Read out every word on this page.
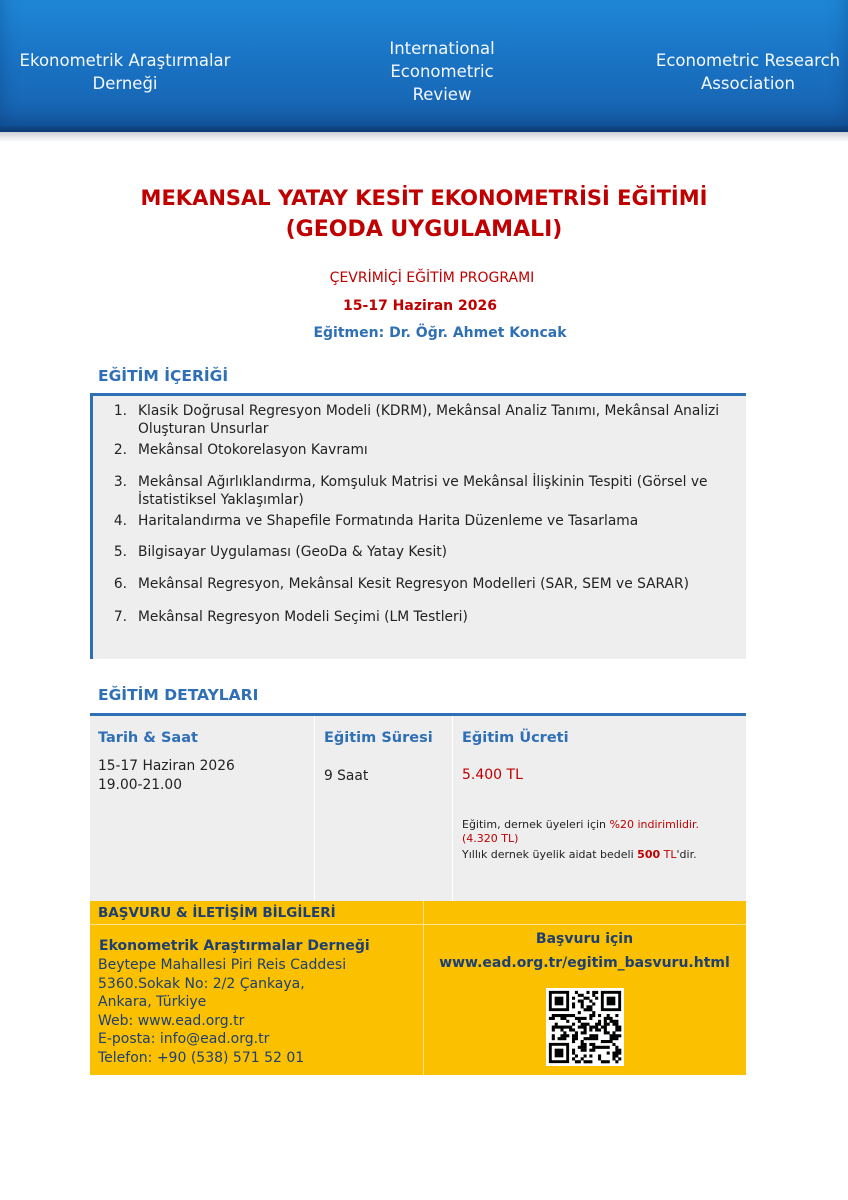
Ekonometrik Araştırmalar
Derneği
International
Econometric
Review
Econometric Research
Association
MEKANSAL YATAY KESİT EKONOMETRİSİ EĞİTİMİ
(GEODA UYGULAMALI)
ÇEVRİMİÇİ EĞİTİM PROGRAMI
15-17 Haziran 2026
Eğitmen: Dr. Öğr. Ahmet Koncak
EĞİTİM İÇERİĞİ
1. Klasik Doğrusal Regresyon Modeli (KDRM), Mekânsal Analiz Tanımı, Mekânsal Analizi Oluşturan Unsurlar
2. Mekânsal Otokorelasyon Kavramı
3. Mekânsal Ağırlıklandırma, Komşuluk Matrisi ve Mekânsal İlişkinin Tespiti (Görsel ve İstatistiksel Yaklaşımlar)
4. Haritalandırma ve Shapefile Formatında Harita Düzenleme ve Tasarlama
5. Bilgisayar Uygulaması (GeoDa & Yatay Kesit)
6. Mekânsal Regresyon, Mekânsal Kesit Regresyon Modelleri (SAR, SEM ve SARAR)
7. Mekânsal Regresyon Modeli Seçimi (LM Testleri)
EĞİTİM DETAYLARI
Tarih & Saat	Eğitim Süresi Eğitim Ücreti
15-17 Haziran 2026
19.00-21.00
9 Saat	5.400 TL
Eğitim, dernek üyeleri için %20 indirimlidir.
(4.320 TL)
Yıllık dernek üyelik aidat bedeli 500 TL'dir.
BAŞVURU & İLETİŞİM BİLGİLERİ
Ekonometrik Araştırmalar Derneği
Beytepe Mahallesi Piri Reis Caddesi
5360.Sokak No: 2/2 Çankaya,
Ankara, Türkiye
Web: www.ead.org.tr
E-posta: info@ead.org.tr
Telefon: +90 (538) 571 52 01
Başvuru için
www.ead.org.tr/egitim_basvuru.html
